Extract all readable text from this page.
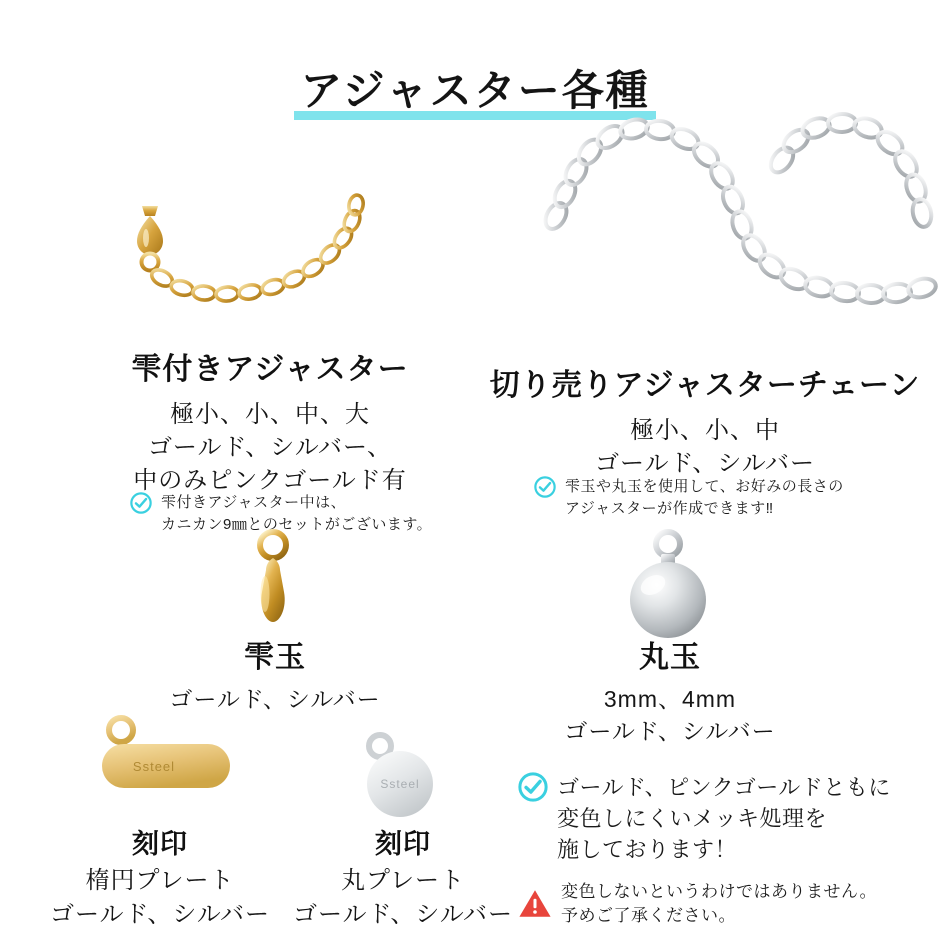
アジャスター各種
雫付きアジャスター
極小、小、中、大
ゴールド、シルバー、
中のみピンクゴールド有
雫付きアジャスター中は、
カニカン9㎜とのセットがございます。
切り売りアジャスターチェーン
極小、小、中
ゴールド、シルバー
雫玉や丸玉を使用して、お好みの長さの
アジャスターが作成できます‼
雫玉
ゴールド、シルバー
丸玉
3mm、4mm
ゴールド、シルバー
Ssteel
刻印
楕円プレート
ゴールド、シルバー
Ssteel
刻印
丸プレート
ゴールド、シルバー
ゴールド、ピンクゴールドともに
変色しにくいメッキ処理を
施しております！
変色しないというわけではありません。
予めご了承ください。
